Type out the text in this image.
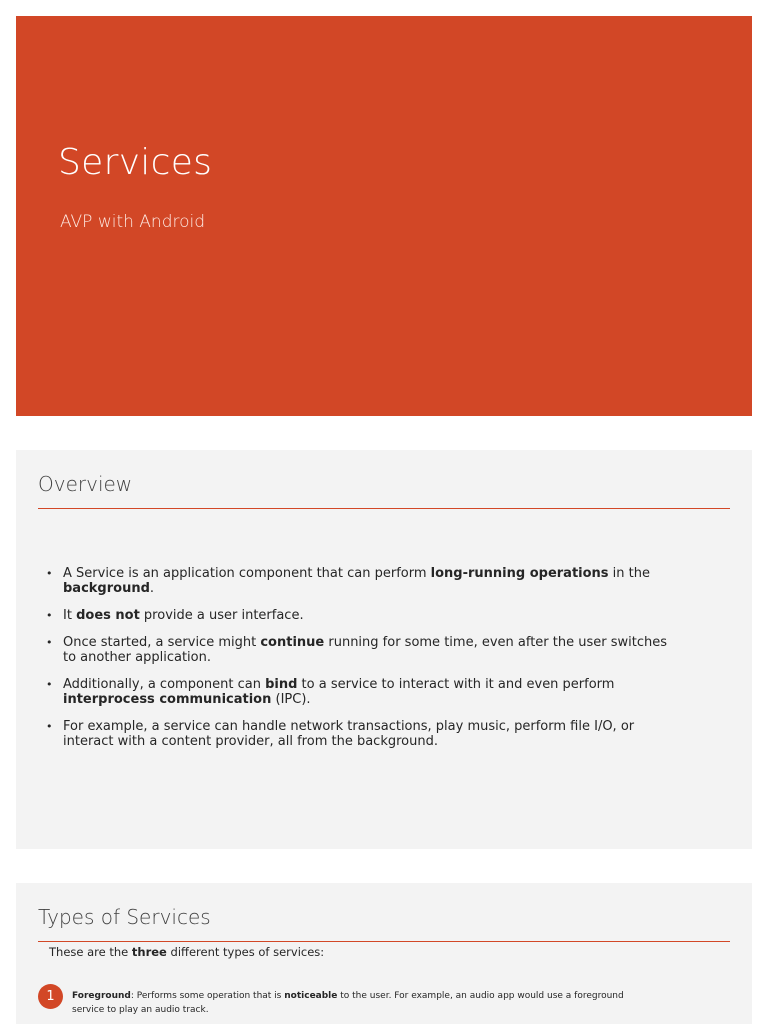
Services

AVP with Android

Overview
• A Service is an application component that can perform long-running operations in the background.
• It does not provide a user interface.
• Once started, a service might continue running for some time, even after the user switches to another application.
• Additionally, a component can bind to a service to interact with it and even perform interprocess communication (IPC).
• For example, a service can handle network transactions, play music, perform file I/O, or interact with a content provider, all from the background.
Types of Services

These are the three different types of services:

1	Foreground: Performs some operation that is noticeable to the user. For example, an audio app would use a foreground service to play an audio track.
